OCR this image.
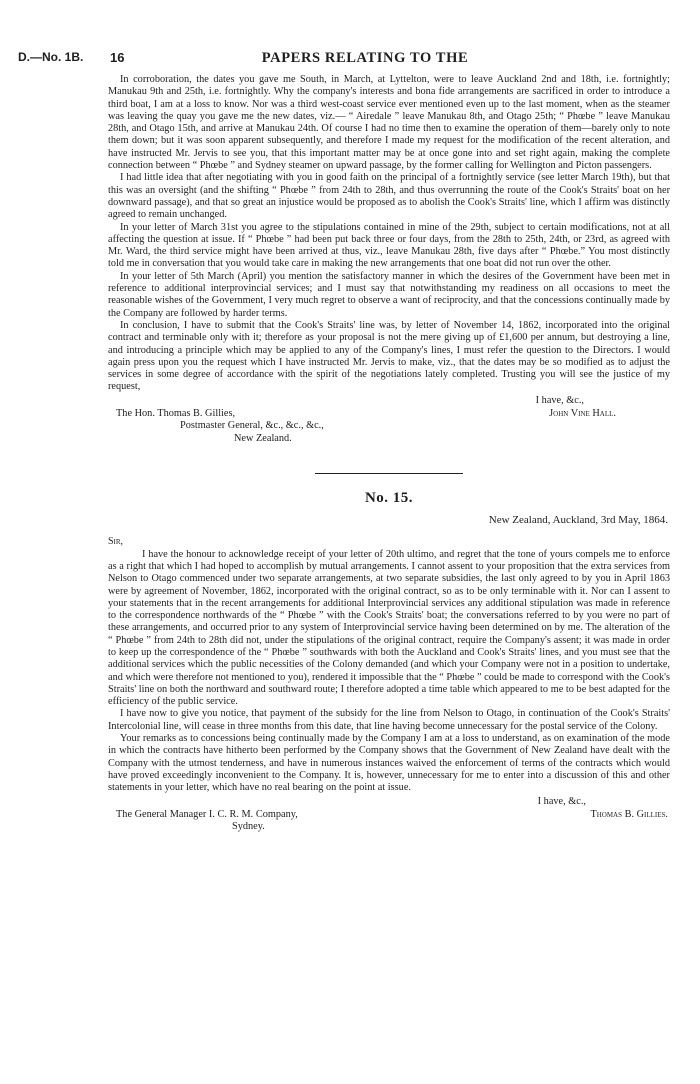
D.—No. 1B. 16	PAPERS RELATING TO THE

In corroboration, the dates you gave me South, in March, at Lyttelton, were to leave Auckland 2nd and 18th, i.e. fortnightly; Manukau 9th and 25th, i.e. fortnightly. Why the company's interests and bona fide arrangements are sacrificed in order to introduce a third boat, I am at a loss to know. Nor was a third west-coast service ever mentioned even up to the last moment, when as the steamer was leaving the quay you gave me the new dates, viz.— “ Airedale ” leave Manukau 8th, and Otago 25th; “ Phœbe ” leave Manukau 28th, and Otago 15th, and arrive at Manukau 24th. Of course I had no time then to examine the operation of them—barely only to note them down; but it was soon apparent subsequently, and therefore I made my request for the modification of the recent alteration, and have instructed Mr. Jervis to see you, that this important matter may be at once gone into and set right again, making the complete connection between “ Phœbe ” and Sydney steamer on upward passage, by the former calling for Wellington and Picton passengers.

I had little idea that after negotiating with you in good faith on the principal of a fortnightly service (see letter March 19th), but that this was an oversight (and the shifting “ Phœbe ” from 24th to 28th, and thus overrunning the route of the Cook's Straits' boat on her downward passage), and that so great an injustice would be proposed as to abolish the Cook's Straits' line, which I affirm was distinctly agreed to remain unchanged.

In your letter of March 31st you agree to the stipulations contained in mine of the 29th, subject to certain modifications, not at all affecting the question at issue. If “ Phœbe ” had been put back three or four days, from the 28th to 25th, 24th, or 23rd, as agreed with Mr. Ward, the third service might have been arrived at thus, viz., leave Manukau 28th, five days after “ Phœbe.” You most distinctly told me in conversation that you would take care in making the new arrangements that one boat did not run over the other.

In your letter of 5th March (April) you mention the satisfactory manner in which the desires of the Government have been met in reference to additional interprovincial services; and I must say that notwithstanding my readiness on all occasions to meet the reasonable wishes of the Government, I very much regret to observe a want of reciprocity, and that the concessions continually made by the Company are followed by harder terms.

In conclusion, I have to submit that the Cook's Straits' line was, by letter of November 14, 1862, incorporated into the original contract and terminable only with it; therefore as your proposal is not the mere giving up of £1,600 per annum, but destroying a line, and introducing a principle which may be applied to any of the Company's lines, I must refer the question to the Directors. I would again press upon you the request which I have instructed Mr. Jervis to make, viz., that the dates may be so modified as to adjust the services in some degree of accordance with the spirit of the negotiations lately completed. Trusting you will see the justice of my request,

I have, &c.,
John Vine Hall.
The Hon. Thomas B. Gillies,
Postmaster General, &c., &c., &c.,
New Zealand.
No. 15.
New Zealand, Auckland, 3rd May, 1864.
Sir,

I have the honour to acknowledge receipt of your letter of 20th ultimo, and regret that the tone of yours compels me to enforce as a right that which I had hoped to accomplish by mutual arrangements. I cannot assent to your proposition that the extra services from Nelson to Otago commenced under two separate arrangements, at two separate subsidies, the last only agreed to by you in April 1863 were by agreement of November, 1862, incorporated with the original contract, so as to be only terminable with it. Nor can I assent to your statements that in the recent arrangements for additional Interprovincial services any additional stipulation was made in reference to the correspondence northwards of the “ Phœbe ” with the Cook's Straits' boat; the conversations referred to by you were no part of these arrangements, and occurred prior to any system of Interprovincial service having been determined on by me. The alteration of the “ Phœbe ” from 24th to 28th did not, under the stipulations of the original contract, require the Company's assent; it was made in order to keep up the correspondence of the “ Phœbe ” southwards with both the Auckland and Cook's Straits' lines, and you must see that the additional services which the public necessities of the Colony demanded (and which your Company were not in a position to undertake, and which were therefore not mentioned to you), rendered it impossible that the “ Phœbe ” could be made to correspond with the Cook's Straits' line on both the northward and southward route; I therefore adopted a time table which appeared to me to be best adapted for the efficiency of the public service.

I have now to give you notice, that payment of the subsidy for the line from Nelson to Otago, in continuation of the Cook's Straits' Intercolonial line, will cease in three months from this date, that line having become unnecessary for the postal service of the Colony.

Your remarks as to concessions being continually made by the Company I am at a loss to understand, as on examination of the mode in which the contracts have hitherto been performed by the Company shows that the Government of New Zealand have dealt with the Company with the utmost tenderness, and have in numerous instances waived the enforcement of terms of the contracts which would have proved exceedingly inconvenient to the Company. It is, however, unnecessary for me to enter into a discussion of this and other statements in your letter, which have no real bearing on the point at issue.

I have, &c.,
Thomas B. Gillies.
The General Manager I. C. R. M. Company,
Sydney.
